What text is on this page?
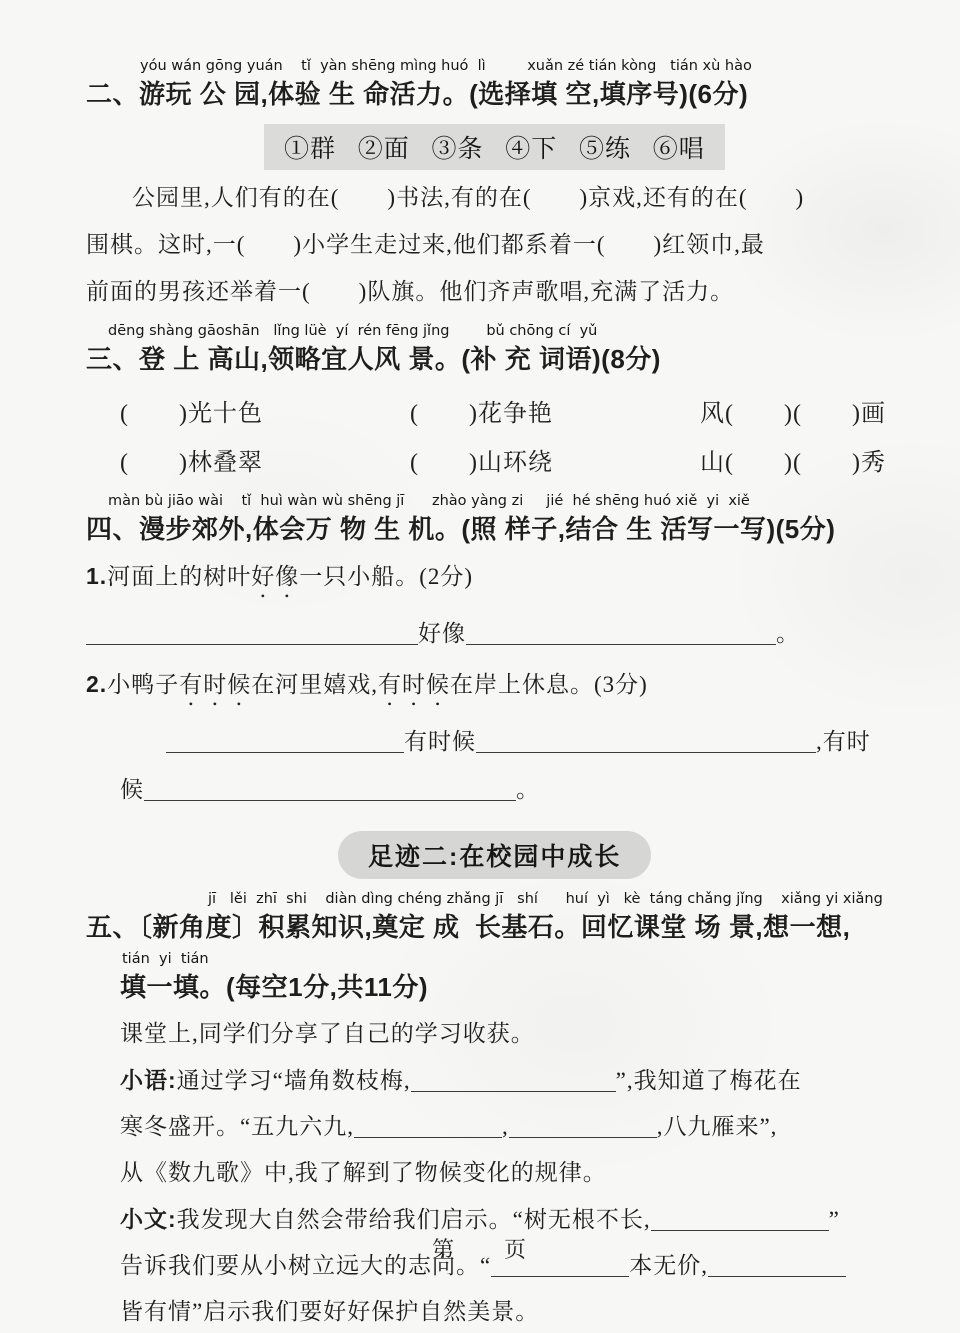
yóu wán gōng yuán    tǐ  yàn shēng mìng huó  lì         xuǎn zé tián kòng   tián xù hào
二、游玩 公 园,体验 生 命活力。(选择填 空,填序号)(6分)
①群   ②面   ③条   ④下   ⑤练   ⑥唱
公园里,人们有的在(　　)书法,有的在(　　)京戏,还有的在(　　)
围棋。这时,一(　　)小学生走过来,他们都系着一(　　)红领巾,最
前面的男孩还举着一(　　)队旗。他们齐声歌唱,充满了活力。
dēng shàng gāoshān   lǐng lüè  yí  rén fēng jǐng        bǔ chōng cí  yǔ
三、登 上 高山,领略宜人风 景。(补 充 词语)(8分)
(　　)光十色	(　　)花争艳	风(　　)(　　)画
(　　)林叠翠	(　　)山环绕	山(　　)(　　)秀
màn bù jiāo wài    tǐ  huì wàn wù shēng jī      zhào yàng zi     jié  hé shēng huó xiě  yi  xiě
四、漫步郊外,体会万 物 生 机。(照 样子,结合 生 活写一写)(5分)
1.河面上的树叶好像一只小船。(2分)
好像	。
2.小鸭子有时候在河里嬉戏,有时候在岸上休息。(3分)
有时候	,有时
候	。
足迹二:在校园中成长
jī   lěi  zhī  shi    diàn dìng chéng zhǎng jī   shí      huí  yì   kè  táng chǎng jǐng    xiǎng yi xiǎng
五、〔新角度〕积累知识,奠定 成  长基石。回忆课堂 场 景,想一想,
tián  yi  tián
填一填。(每空1分,共11分)
课堂上,同学们分享了自己的学习收获。
小语:通过学习“墙角数枝梅,	”,我知道了梅花在
寒冬盛开。“五九六九,	,	,八九雁来”,
从《数九歌》中,我了解到了物候变化的规律。
小文:我发现大自然会带给我们启示。“树无根不长,	”
告诉我们要从小树立远大的志向。“	本无价,
皆有情”启示我们要好好保护自然美景。
第　　页
